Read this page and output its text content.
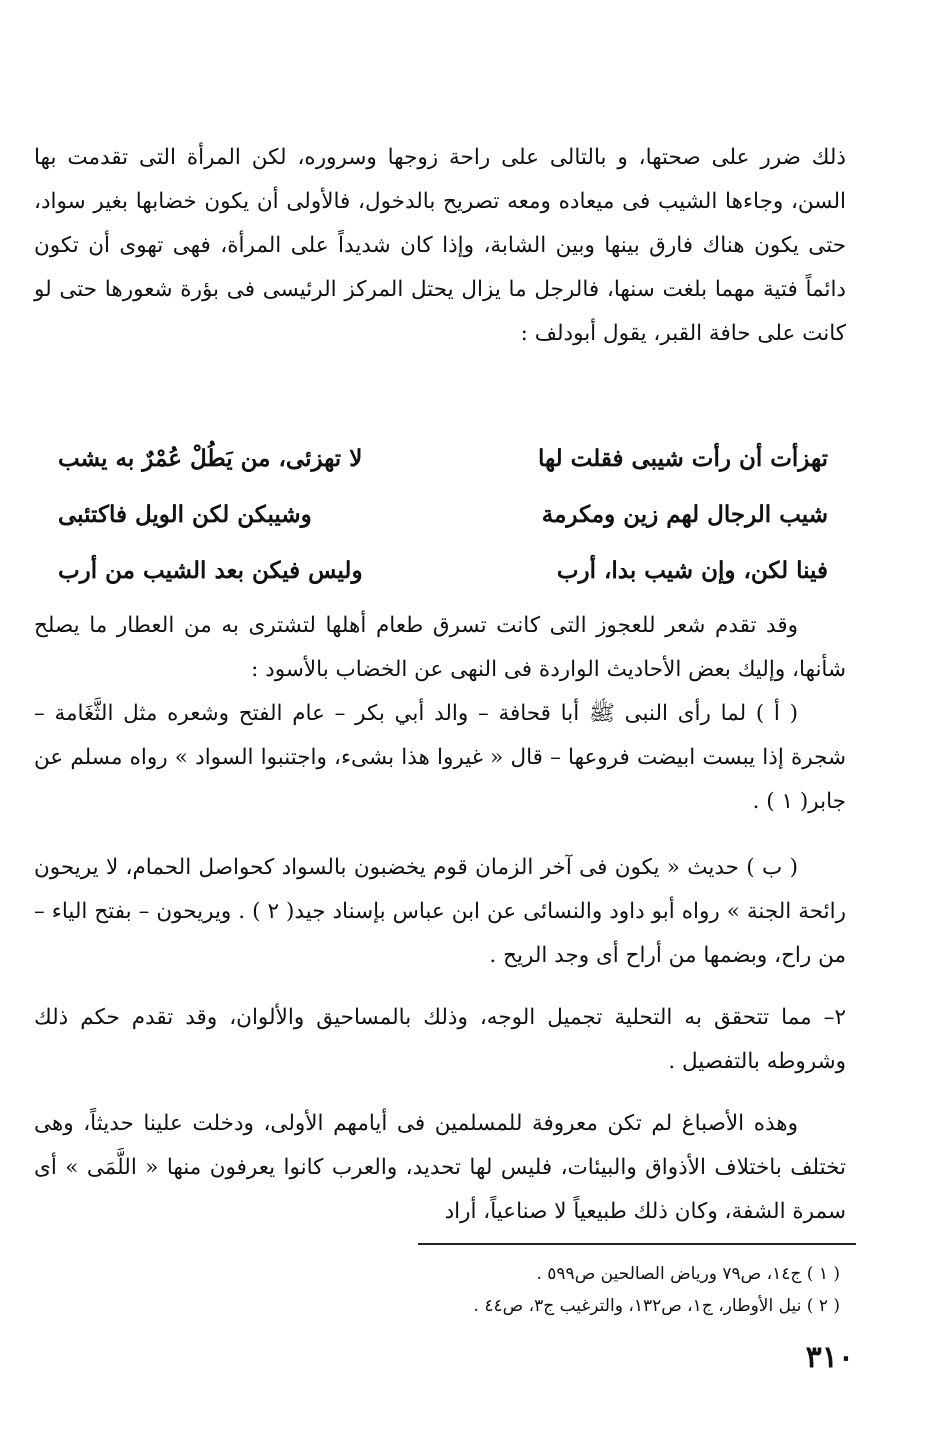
ذلك ضرر على صحتها، و بالتالى على راحة زوجها وسروره، لكن المرأة التى تقدمت بها السن، وجاءها الشيب فى ميعاده ومعه تصريح بالدخول، فالأولى أن يكون خضابها بغير سواد، حتى يكون هناك فارق بينها وبين الشابة، وإذا كان شديداً على المرأة، فهى تهوى أن تكون دائماً فتية مهما بلغت سنها، فالرجل ما يزال يحتل المركز الرئيسى فى بؤرة شعورها حتى لو كانت على حافة القبر، يقول أبودلف :

تهزأت أن رأت شيبى فقلت لها
لا تهزئى، من يَطُلْ عُمْرٌ به يشب
شيب الرجال لهم زين ومكرمة
وشيبكن لكن الويل فاكتئبى
فينا لكن، وإن شيب بدا، أرب
وليس فيكن بعد الشيب من أرب

وقد تقدم شعر للعجوز التى كانت تسرق طعام أهلها لتشترى به من العطار ما يصلح شأنها، وإليك بعض الأحاديث الواردة فى النهى عن الخضاب بالأسود :

( أ ) لما رأى النبى ﷺ أبا قحافة – والد أبي بكر – عام الفتح وشعره مثل الثَّغَامة – شجرة إذا يبست ابيضت فروعها – قال « غيروا هذا بشىء، واجتنبوا السواد » رواه مسلم عن جابر( ١ ) .

( ب ) حديث « يكون فى آخر الزمان قوم يخضبون بالسواد كحواصل الحمام، لا يريحون رائحة الجنة » رواه أبو داود والنسائى عن ابن عباس بإسناد جيد( ٢ ) . ويريحون – بفتح الياء – من راح، وبضمها من أراح أى وجد الريح .

٢– مما تتحقق به التحلية تجميل الوجه، وذلك بالمساحيق والألوان، وقد تقدم حكم ذلك وشروطه بالتفصيل .

وهذه الأصباغ لم تكن معروفة للمسلمين فى أيامهم الأولى، ودخلت علينا حديثاً، وهى تختلف باختلاف الأذواق والبيئات، فليس لها تحديد، والعرب كانوا يعرفون منها « اللَّمَى » أى سمرة الشفة، وكان ذلك طبيعياً لا صناعياً، أراد

( ١ ) ج١٤، ص٧٩ ورياض الصالحين ص٥٩٩ .

( ٢ ) نيل الأوطار، ج١، ص١٣٢، والترغيب ج٣، ص٤٤ .

٣١٠
